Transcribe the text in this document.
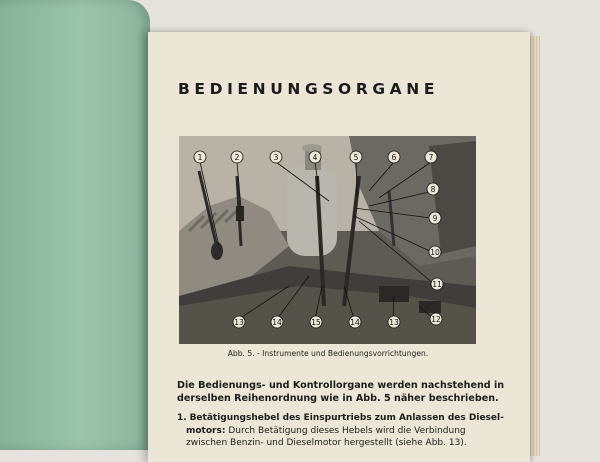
BEDIENUNGSORGANE
1	2	3	4	5	6	7
8
9
10
11
12
13	14	15	14	13
Abb. 5. - Instrumente und Bedienungsvorrichtungen.
Die Bedienungs- und Kontrollorgane werden nachstehend in derselben Reihenordnung wie in Abb. 5 näher beschrieben.
1. Betätigungshebel des Einspurtriebs zum Anlassen des Diesel-
motors: Durch Betätigung dieses Hebels wird die Verbindung
zwischen Benzin- und Dieselmotor hergestellt (siehe Abb. 13).
